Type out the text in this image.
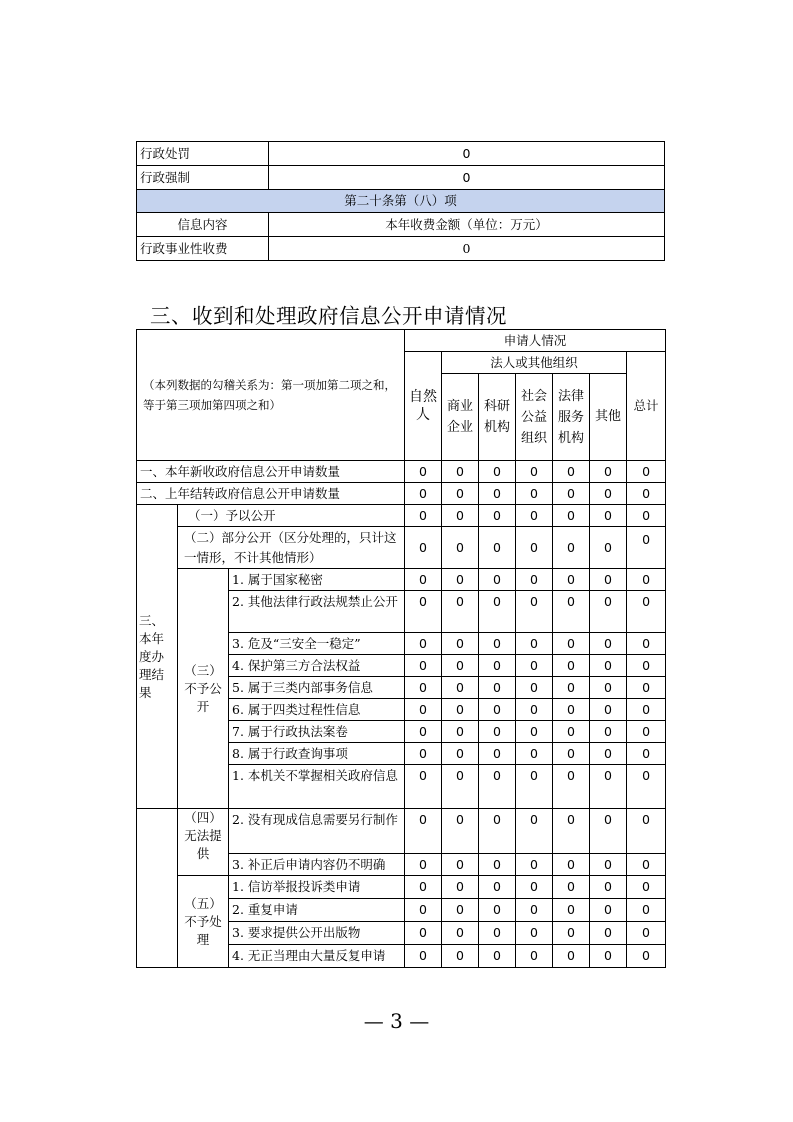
行政处罚	0
行政强制	0
第二十条第（八）项	
信息内容	本年收费金额（单位：万元）
行政事业性收费	0
三、收到和处理政府信息公开申请情况
（本列数据的勾稽关系为：第一项加第二项之和，等于第三项加第四项之和）			申请人情况						
			自然人	法人或其他组织					总计
				商业企业	科研机构	社会公益组织	法律服务机构	其他	
一、本年新收政府信息公开申请数量			0	0	0	0	0	0	0
二、上年结转政府信息公开申请数量			0	0	0	0	0	0	0
三、本年度办理结果	（一）予以公开		0	0	0	0	0	0	0
	（二）部分公开（区分处理的，只计这一情形，不计其他情形）		0	0	0	0	0	0	0
	（三）不予公开	1. 属于国家秘密	0	0	0	0	0	0	0
		2. 其他法律行政法规禁止公开	0	0	0	0	0	0	0
		3. 危及“三安全一稳定”	0	0	0	0	0	0	0
		4. 保护第三方合法权益	0	0	0	0	0	0	0
		5. 属于三类内部事务信息	0	0	0	0	0	0	0
		6. 属于四类过程性信息	0	0	0	0	0	0	0
		7. 属于行政执法案卷	0	0	0	0	0	0	0
		8. 属于行政查询事项	0	0	0	0	0	0	0
		1. 本机关不掌握相关政府信息	0	0	0	0	0	0	0
	（四）无法提供	2. 没有现成信息需要另行制作	0	0	0	0	0	0	0
		3. 补正后申请内容仍不明确	0	0	0	0	0	0	0
	（五）不予处理	1. 信访举报投诉类申请	0	0	0	0	0	0	0
		2. 重复申请	0	0	0	0	0	0	0
		3. 要求提供公开出版物	0	0	0	0	0	0	0
		4. 无正当理由大量反复申请	0	0	0	0	0	0	0
— 3 —
